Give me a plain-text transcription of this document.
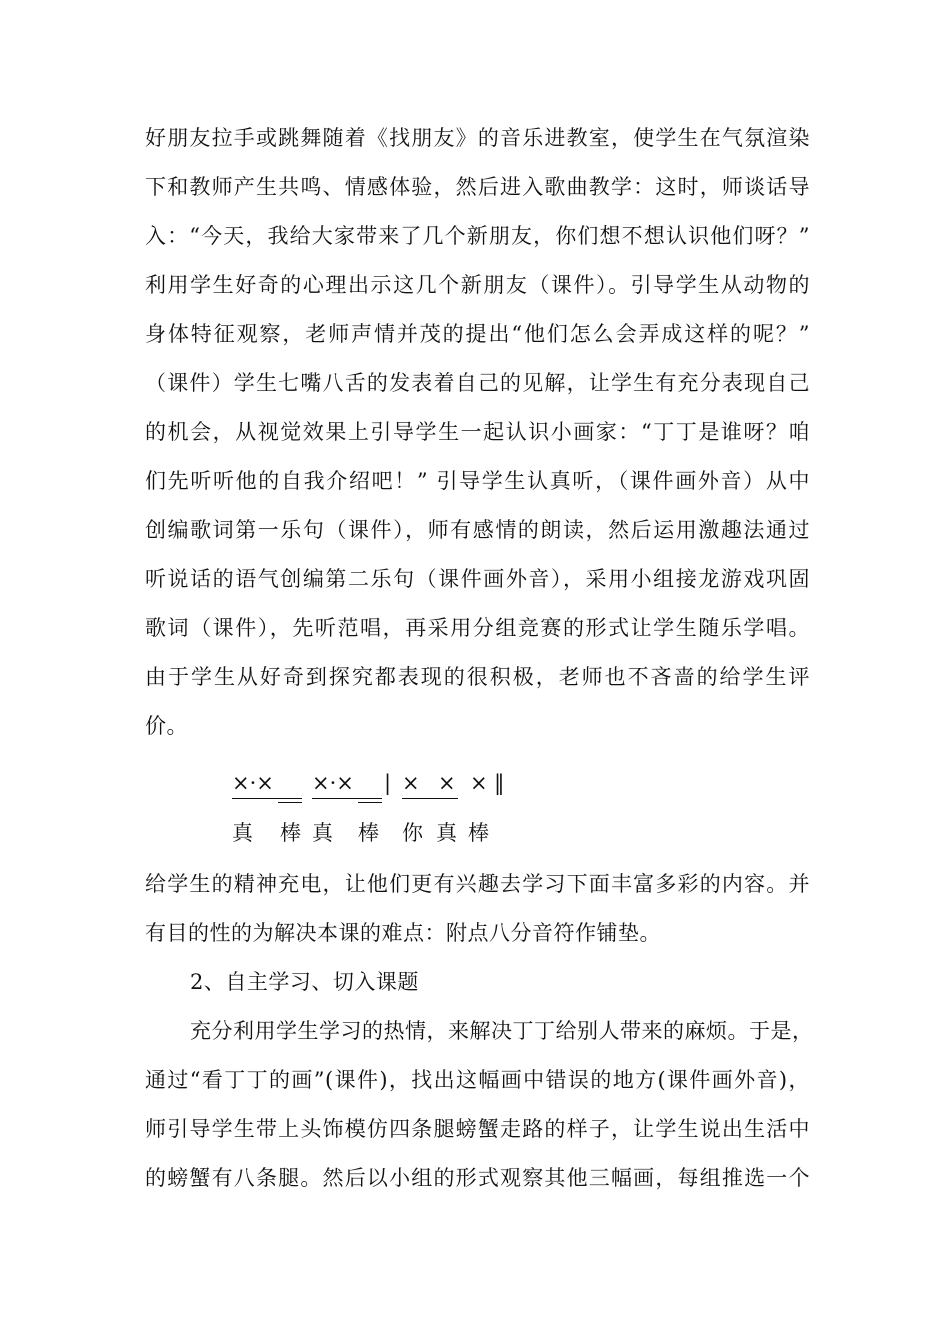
好朋友拉手或跳舞随着《找朋友》的音乐进教室，使学生在气氛渲染
下和教师产生共鸣、情感体验，然后进入歌曲教学：这时，师谈话导
入：“今天，我给大家带来了几个新朋友，你们想不想认识他们呀？”
利用学生好奇的心理出示这几个新朋友（课件）。引导学生从动物的
身体特征观察，老师声情并茂的提出“他们怎么会弄成这样的呢？”
（课件）学生七嘴八舌的发表着自己的见解，让学生有充分表现自己
的机会，从视觉效果上引导学生一起认识小画家：“丁丁是谁呀？咱
们先听听他的自我介绍吧！” 引导学生认真听，（课件画外音）从中
创编歌词第一乐句（课件），师有感情的朗读，然后运用激趣法通过
听说话的语气创编第二乐句（课件画外音），采用小组接龙游戏巩固
歌词（课件），先听范唱，再采用分组竞赛的形式让学生随乐学唱。
由于学生从好奇到探究都表现的很积极，老师也不吝啬的给学生评
价。
×·× ×·× | × × × ‖
真 棒 真 棒 你 真 棒
给学生的精神充电，让他们更有兴趣去学习下面丰富多彩的内容。并
有目的性的为解决本课的难点：附点八分音符作铺垫。
2、自主学习、切入课题
充分利用学生学习的热情，来解决丁丁给别人带来的麻烦。于是，
通过“看丁丁的画”(课件)，找出这幅画中错误的地方(课件画外音)，
师引导学生带上头饰模仿四条腿螃蟹走路的样子，让学生说出生活中
的螃蟹有八条腿。然后以小组的形式观察其他三幅画，每组推选一个
